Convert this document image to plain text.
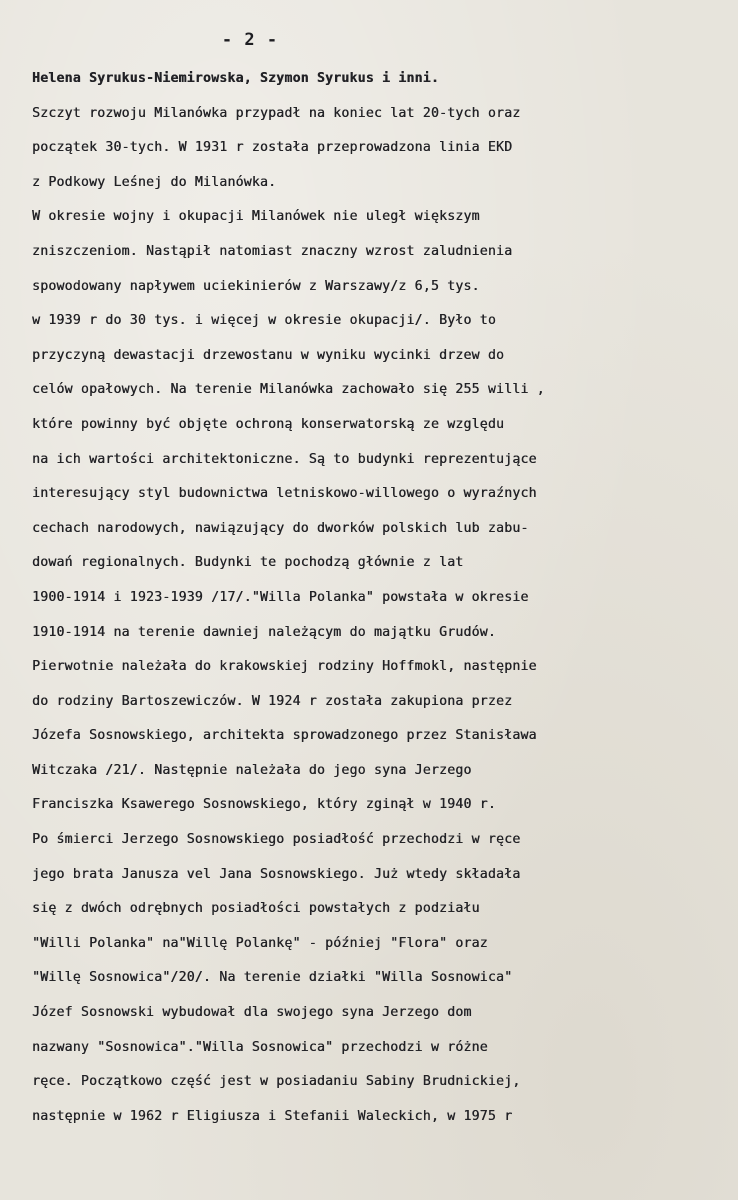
- 2 -
Helena Syrukus-Niemirowska, Szymon Syrukus i inni.
Szczyt rozwoju Milanówka przypadł na koniec lat 20-tych oraz
początek 30-tych. W 1931 r została przeprowadzona linia EKD
z Podkowy Leśnej do Milanówka.
W okresie wojny i okupacji Milanówek nie uległ większym
zniszczeniom. Nastąpił natomiast znaczny wzrost zaludnienia
spowodowany napływem uciekinierów z Warszawy/z 6,5 tys.
w 1939 r do 30 tys. i więcej w okresie okupacji/. Było to
przyczyną dewastacji drzewostanu w wyniku wycinki drzew do
celów opałowych. Na terenie Milanówka zachowało się 255 willi ,
które powinny być objęte ochroną konserwatorską ze względu
na ich wartości architektoniczne. Są to budynki reprezentujące
interesujący styl budownictwa letniskowo-willowego o wyraźnych
cechach narodowych, nawiązujący do dworków polskich lub zabu-
dowań regionalnych. Budynki te pochodzą głównie z lat
1900-1914 i 1923-1939 /17/."Willa Polanka" powstała w okresie
1910-1914 na terenie dawniej należącym do majątku Grudów.
Pierwotnie należała do krakowskiej rodziny Hoffmokl, następnie
do rodziny Bartoszewiczów. W 1924 r została zakupiona przez
Józefa Sosnowskiego, architekta sprowadzonego przez Stanisława
Witczaka /21/. Następnie należała do jego syna Jerzego
Franciszka Ksawerego Sosnowskiego, który zginął w 1940 r.
Po śmierci Jerzego Sosnowskiego posiadłość przechodzi w ręce
jego brata Janusza vel Jana Sosnowskiego. Już wtedy składała
się z dwóch odrębnych posiadłości powstałych z podziału
"Willi Polanka" na"Willę Polankę" - później "Flora" oraz
"Willę Sosnowica"/20/. Na terenie działki "Willa Sosnowica"
Józef Sosnowski wybudował dla swojego syna Jerzego dom
nazwany "Sosnowica"."Willa Sosnowica" przechodzi w różne
ręce. Początkowo część jest w posiadaniu Sabiny Brudnickiej,
następnie w 1962 r Eligiusza i Stefanii Waleckich, w 1975 r
